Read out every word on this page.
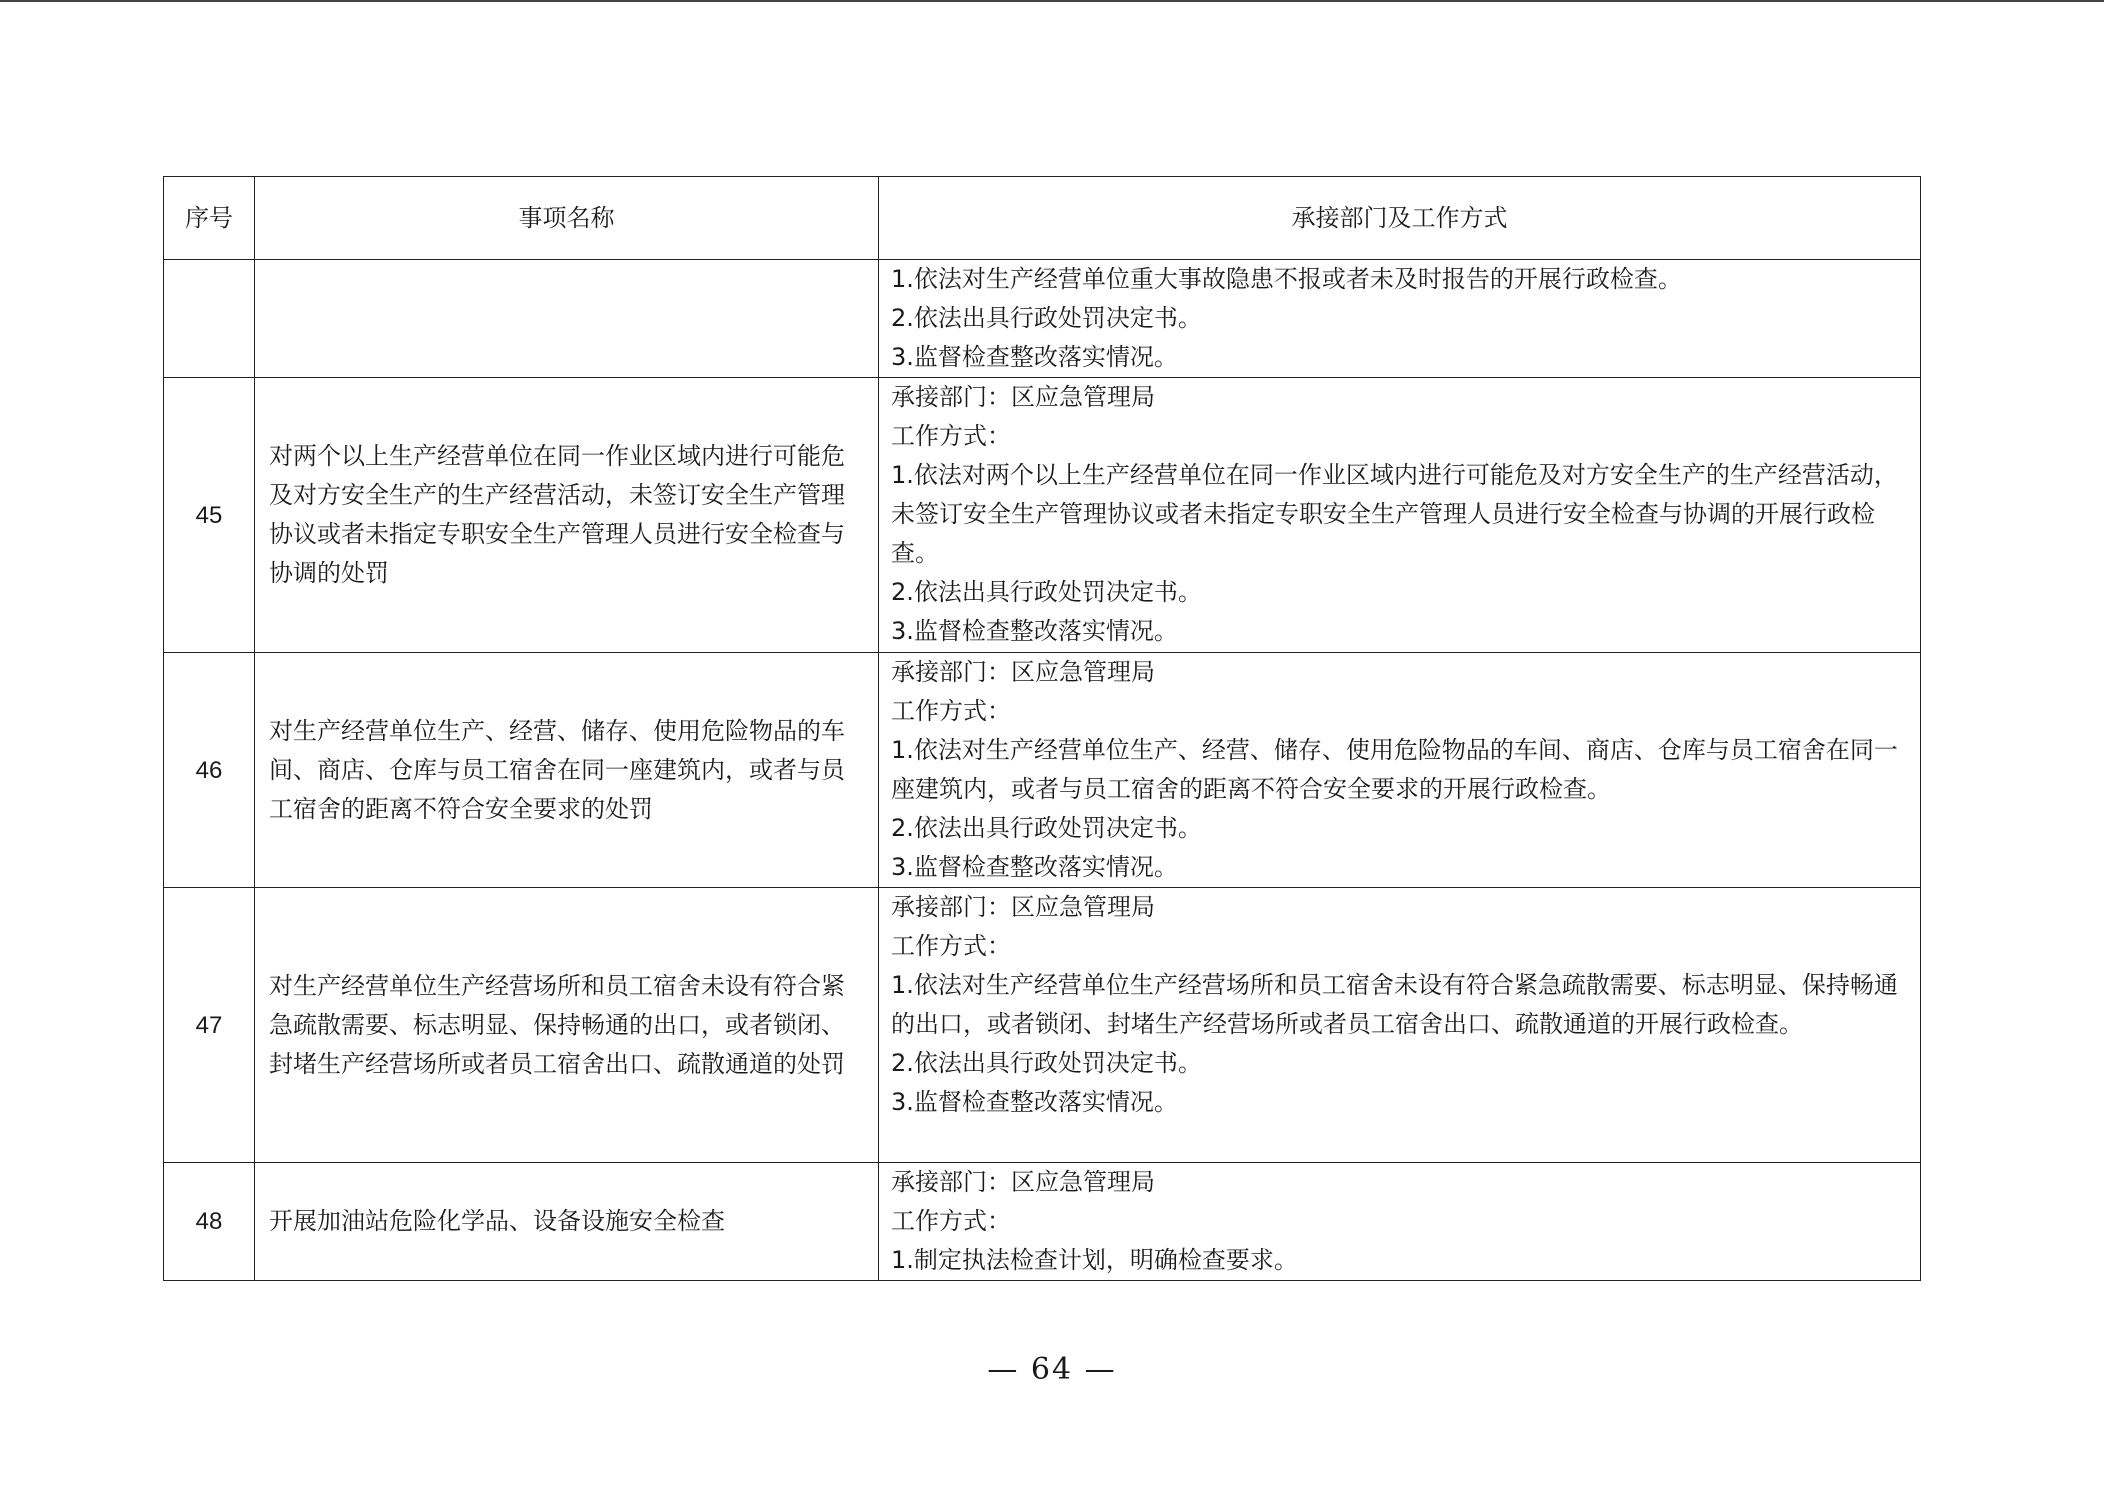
序号	事项名称	承接部门及工作方式

		1.依法对生产经营单位重大事故隐患不报或者未及时报告的开展行政检查。
2.依法出具行政处罚决定书。
3.监督检查整改落实情况。

45	对两个以上生产经营单位在同一作业区域内进行可能危及对方安全生产的生产经营活动，未签订安全生产管理协议或者未指定专职安全生产管理人员进行安全检查与协调的处罚	承接部门：区应急管理局
工作方式：
1.依法对两个以上生产经营单位在同一作业区域内进行可能危及对方安全生产的生产经营活动，未签订安全生产管理协议或者未指定专职安全生产管理人员进行安全检查与协调的开展行政检查。
2.依法出具行政处罚决定书。
3.监督检查整改落实情况。

46	对生产经营单位生产、经营、储存、使用危险物品的车间、商店、仓库与员工宿舍在同一座建筑内，或者与员工宿舍的距离不符合安全要求的处罚	承接部门：区应急管理局
工作方式：
1.依法对生产经营单位生产、经营、储存、使用危险物品的车间、商店、仓库与员工宿舍在同一座建筑内，或者与员工宿舍的距离不符合安全要求的开展行政检查。
2.依法出具行政处罚决定书。
3.监督检查整改落实情况。

47	对生产经营单位生产经营场所和员工宿舍未设有符合紧急疏散需要、标志明显、保持畅通的出口，或者锁闭、封堵生产经营场所或者员工宿舍出口、疏散通道的处罚	承接部门：区应急管理局
工作方式：
1.依法对生产经营单位生产经营场所和员工宿舍未设有符合紧急疏散需要、标志明显、保持畅通的出口，或者锁闭、封堵生产经营场所或者员工宿舍出口、疏散通道的开展行政检查。
2.依法出具行政处罚决定书。
3.监督检查整改落实情况。

48	开展加油站危险化学品、设备设施安全检查	承接部门：区应急管理局
工作方式：
1.制定执法检查计划，明确检查要求。
— 64 —
